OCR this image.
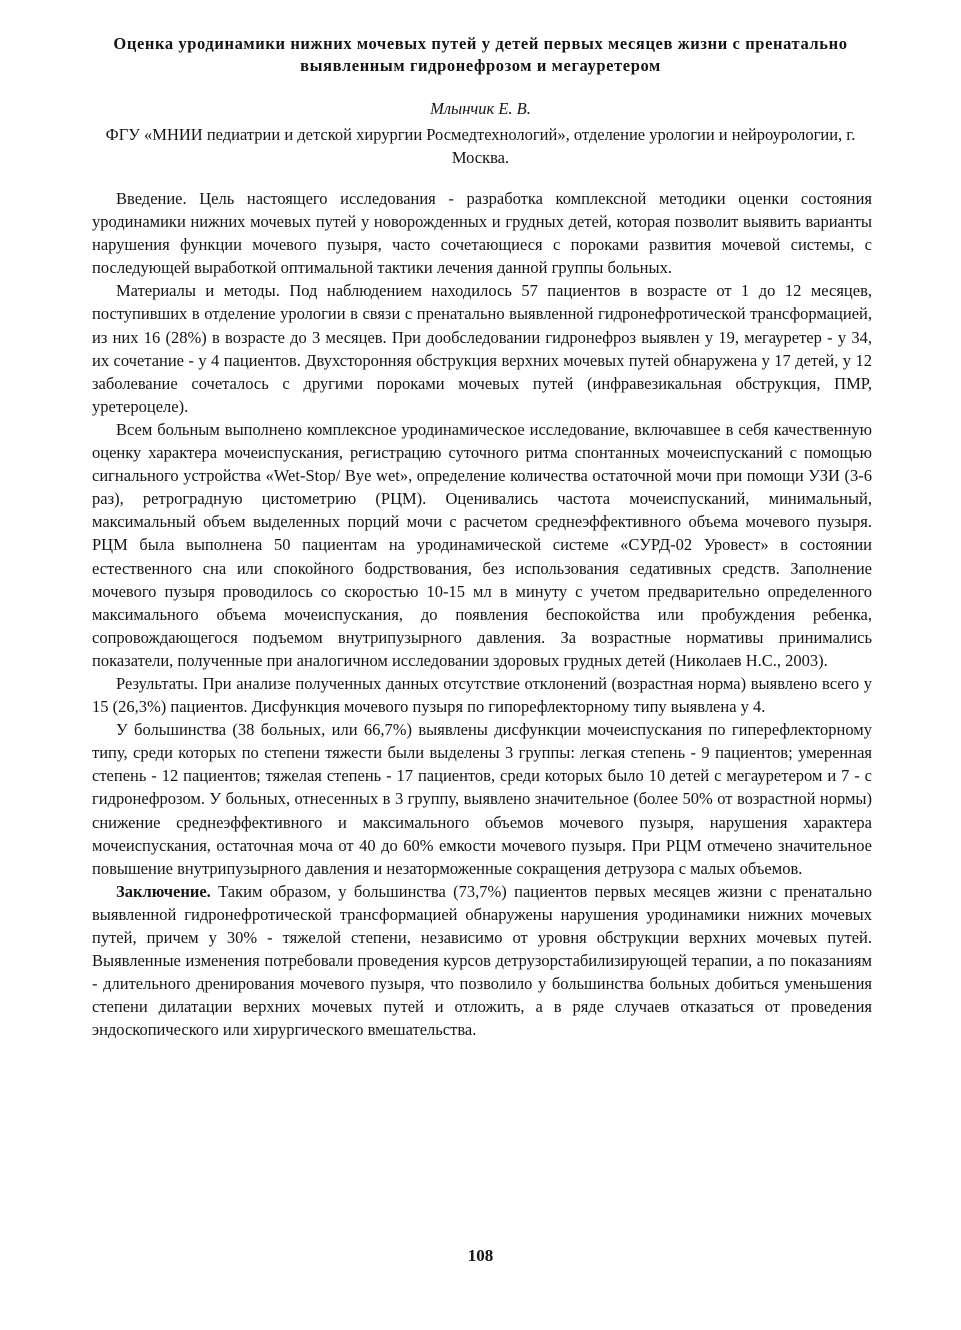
Оценка уродинамики нижних мочевых путей у детей первых месяцев жизни с пренатально выявленным гидронефрозом и мегауретером
Млынчик Е. В.
ФГУ «МНИИ педиатрии и детской хирургии Росмедтехнологий», отделение урологии и нейроурологии, г. Москва.

Введение. Цель настоящего исследования - разработка комплексной методики оценки состояния уродинамики нижних мочевых путей у новорожденных и грудных детей, которая позволит выявить варианты нарушения функции мочевого пузыря, часто сочетающиеся с пороками развития мочевой системы, с последующей выработкой оптимальной тактики лечения данной группы больных.

Материалы и методы. Под наблюдением находилось 57 пациентов в возрасте от 1 до 12 месяцев, поступивших в отделение урологии в связи с пренатально выявленной гидронефротической трансформацией, из них 16 (28%) в возрасте до 3 месяцев. При дообследовании гидронефроз выявлен у 19, мегауретер - у 34, их сочетание - у 4 пациентов. Двухсторонняя обструкция верхних мочевых путей обнаружена у 17 детей, у 12 заболевание сочеталось с другими пороками мочевых путей (инфравезикальная обструкция, ПМР, уретероцеле).

Всем больным выполнено комплексное уродинамическое исследование, включавшее в себя качественную оценку характера мочеиспускания, регистрацию суточного ритма спонтанных мочеиспусканий с помощью сигнального устройства «Wet-Stop/ Bye wet», определение количества остаточной мочи при помощи УЗИ (3-6 раз), ретроградную цистометрию (РЦМ). Оценивались частота мочеиспусканий, минимальный, максимальный объем выделенных порций мочи с расчетом среднеэффективного объема мочевого пузыря. РЦМ была выполнена 50 пациентам на уродинамической системе «СУРД-02 Уровест» в состоянии естественного сна или спокойного бодрствования, без использования седативных средств. Заполнение мочевого пузыря проводилось со скоростью 10-15 мл в минуту с учетом предварительно определенного максимального объема мочеиспускания, до появления беспокойства или пробуждения ребенка, сопровождающегося подъемом внутрипузырного давления. За возрастные нормативы принимались показатели, полученные при аналогичном исследовании здоровых грудных детей (Николаев Н.С., 2003).

Результаты. При анализе полученных данных отсутствие отклонений (возрастная норма) выявлено всего у 15 (26,3%) пациентов. Дисфункция мочевого пузыря по гипорефлекторному типу выявлена у 4.

У большинства (38 больных, или 66,7%) выявлены дисфункции мочеиспускания по гиперефлекторному типу, среди которых по степени тяжести были выделены 3 группы: легкая степень - 9 пациентов; умеренная степень - 12 пациентов; тяжелая степень - 17 пациентов, среди которых было 10 детей с мегауретером и 7 - с гидронефрозом. У больных, отнесенных в 3 группу, выявлено значительное (более 50% от возрастной нормы) снижение среднеэффективного и максимального объемов мочевого пузыря, нарушения характера мочеиспускания, остаточная моча от 40 до 60% емкости мочевого пузыря. При РЦМ отмечено значительное повышение внутрипузырного давления и незаторможенные сокращения детрузора с малых объемов.

Заключение. Таким образом, у большинства (73,7%) пациентов первых месяцев жизни с пренатально выявленной гидронефротической трансформацией обнаружены нарушения уродинамики нижних мочевых путей, причем у 30% - тяжелой степени, независимо от уровня обструкции верхних мочевых путей. Выявленные изменения потребовали проведения курсов детрузорстабилизирующей терапии, а по показаниям - длительного дренирования мочевого пузыря, что позволило у большинства больных добиться уменьшения степени дилатации верхних мочевых путей и отложить, а в ряде случаев отказаться от проведения эндоскопического или хирургического вмешательства.

108
